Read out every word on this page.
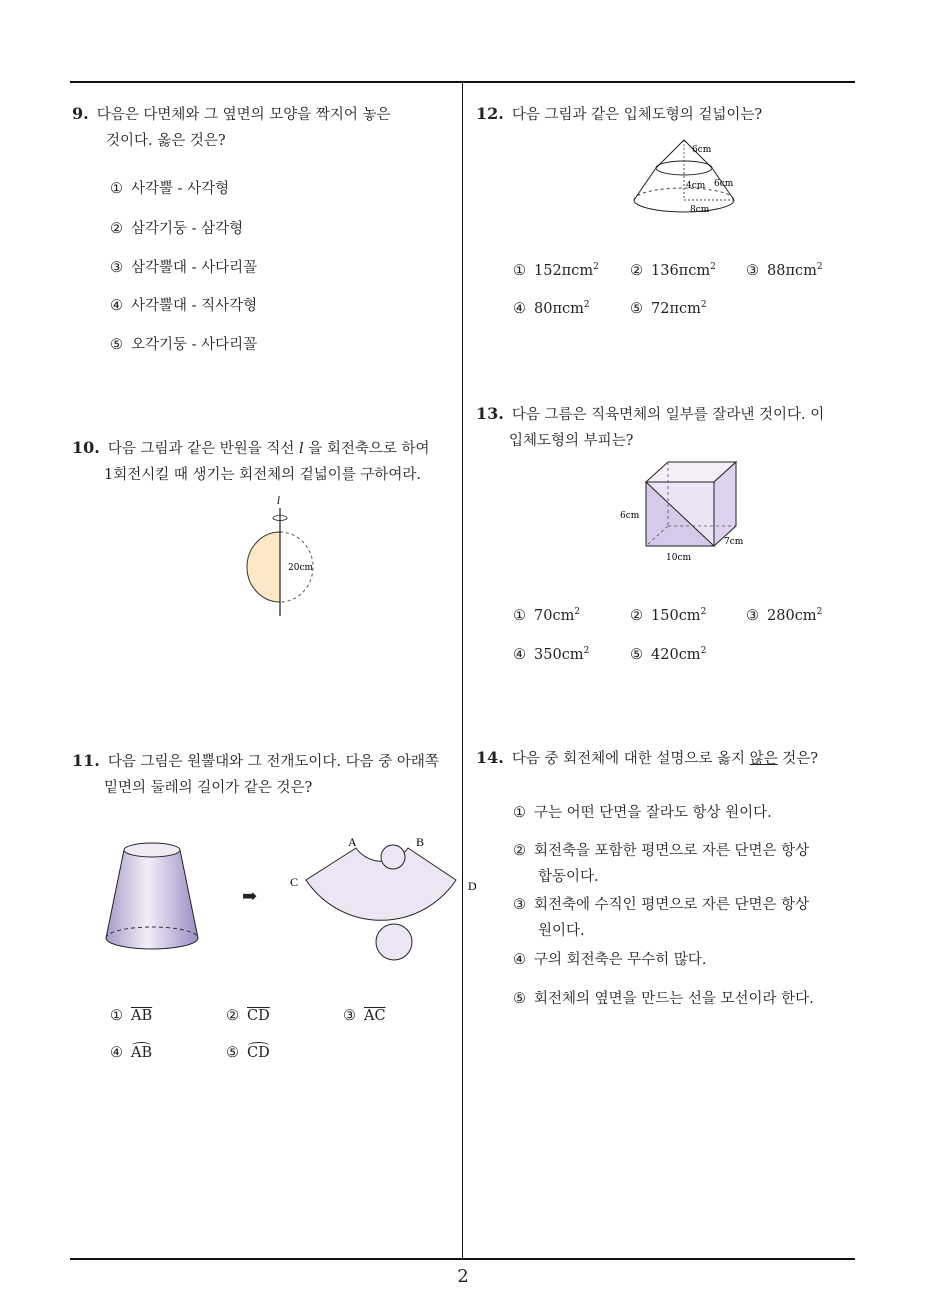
9. 다음은 다면체와 그 옆면의 모양을 짝지어 놓은
것이다. 옳은 것은?
① 사각뿔 - 사각형
② 삼각기둥 - 삼각형
③ 삼각뿔대 - 사다리꼴
④ 사각뿔대 - 직사각형
⑤ 오각기둥 - 사다리꼴
10. 다음 그림과 같은 반원을 직선 l 을 회전축으로 하여
1회전시킬 때 생기는 회전체의 겉넓이를 구하여라.
l
20cm
11. 다음 그림은 원뿔대와 그 전개도이다. 다음 중 아래쪽
밑면의 둘레의 길이가 같은 것은?
➡
A	B
C	D
① $\overline{AB}$	② $\overline{CD}$	③ $\overline{AC}$
④ AB	⑤ CD
12. 다음 그림과 같은 입체도형의 겉넓이는?
6cm
4cm 6cm
8cm
① 152πcm$^2$ ② 136πcm$^2$ ③ 88πcm$^2$
④ 80πcm$^2$	⑤ 72πcm$^2$
13. 다음 그름은 직육면체의 일부를 잘라낸 것이다. 이
입체도형의 부피는?
6cm
10cm
7cm
① $70cm^2$	② $150cm^2$	③ $280cm^2$
④ $350cm^2$	⑤ $420cm^2$
14. 다음 중 회전체에 대한 설명으로 옳지 않은 것은?
① 구는 어떤 단면을 잘라도 항상 원이다.
② 회전축을 포함한 평면으로 자른 단면은 항상
합동이다.
③ 회전축에 수직인 평면으로 자른 단면은 항상
원이다.
④ 구의 회전축은 무수히 많다.
⑤ 회전체의 옆면을 만드는 선을 모선이라 한다.
2
